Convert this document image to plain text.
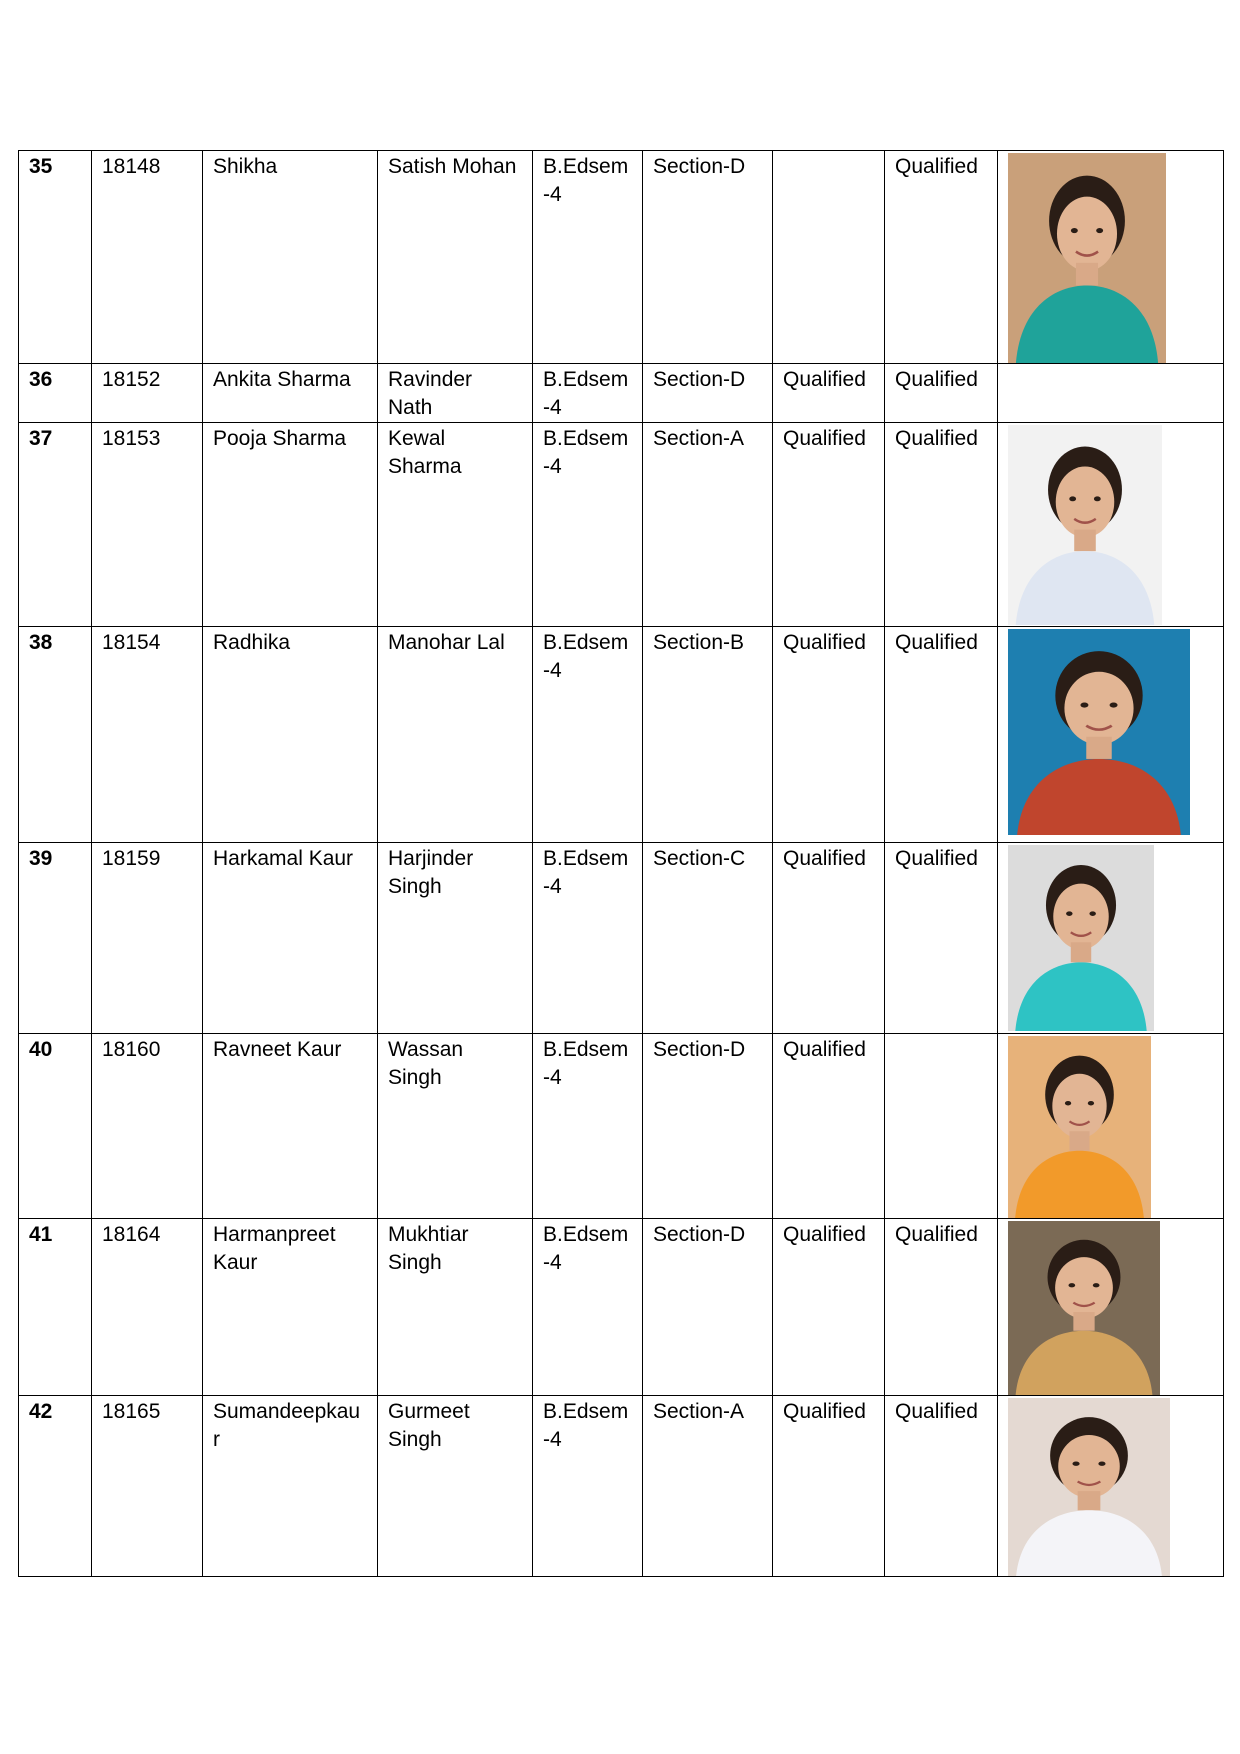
35	18148	Shikha	Satish Mohan	B.Edsem-4	Section-D		Qualified	

36	18152	Ankita Sharma	Ravinder Nath	B.Edsem-4	Section-D	Qualified	Qualified	
37	18153	Pooja Sharma	Kewal Sharma	B.Edsem-4	Section-A	Qualified	Qualified	

38	18154	Radhika	Manohar Lal	B.Edsem-4	Section-B	Qualified	Qualified	

39	18159	Harkamal Kaur	Harjinder Singh	B.Edsem-4	Section-C	Qualified	Qualified	

40	18160	Ravneet Kaur	Wassan Singh	B.Edsem-4	Section-D	Qualified		

41	18164	Harmanpreet Kaur	Mukhtiar Singh	B.Edsem-4	Section-D	Qualified	Qualified	

42	18165	Sumandeepkaur	Gurmeet Singh	B.Edsem-4	Section-A	Qualified	Qualified	
